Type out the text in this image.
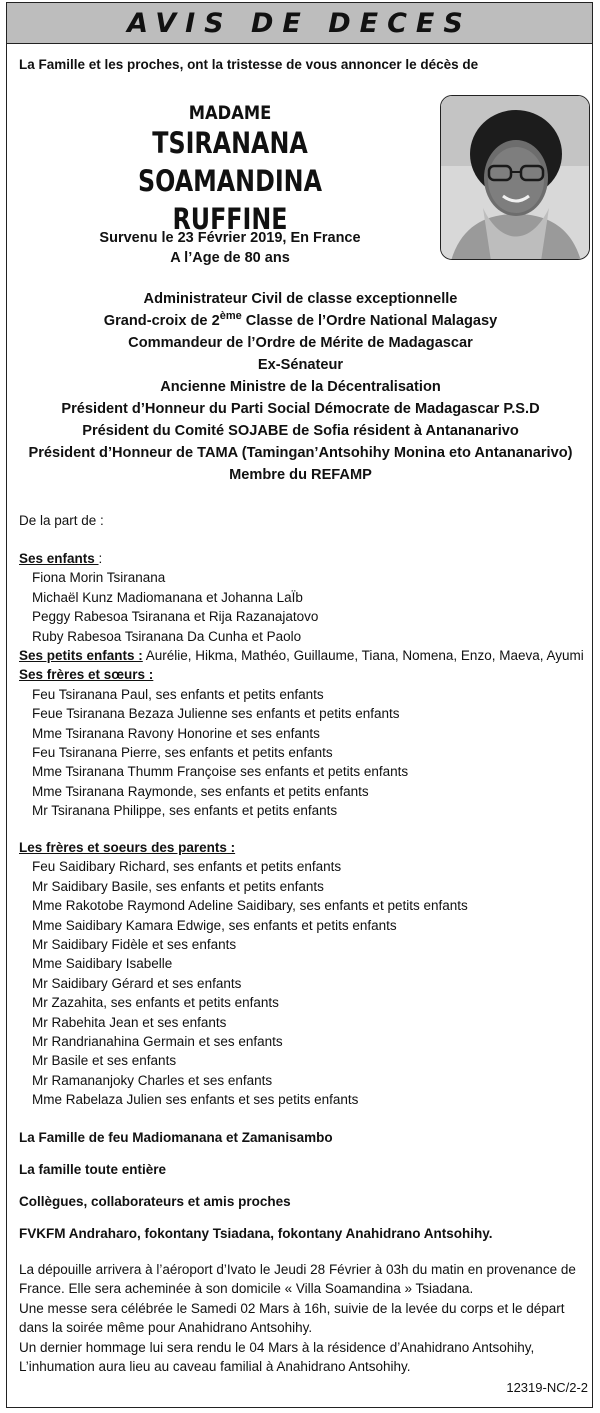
AVIS DE DECES
La Famille et les proches, ont la tristesse de vous annoncer le décès de
MADAME
TSIRANANA SOAMANDINA
RUFFINE
Survenu le 23 Février 2019, En France
A l’Age de 80 ans
Administrateur Civil de classe exceptionnelle
Grand-croix de 2ème Classe de l’Ordre National Malagasy
Commandeur de l’Ordre de Mérite de Madagascar
Ex-Sénateur
Ancienne Ministre de la Décentralisation
Président d’Honneur du Parti Social Démocrate de Madagascar P.S.D
Président du Comité SOJABE de Sofia résident à Antananarivo
Président d’Honneur de TAMA (Tamingan’Antsohihy Monina eto Antananarivo)
Membre du REFAMP
De la part de :
Ses enfants :
Fiona Morin Tsiranana
Michaël Kunz Madiomanana et Johanna LaÏb
Peggy Rabesoa Tsiranana et Rija Razanajatovo
Ruby Rabesoa Tsiranana Da Cunha et Paolo
Ses petits enfants : Aurélie, Hikma, Mathéo, Guillaume, Tiana, Nomena, Enzo, Maeva, Ayumi
Ses frères et sœurs :
Feu Tsiranana Paul, ses enfants et petits enfants
Feue Tsiranana Bezaza Julienne ses enfants et petits enfants
Mme Tsiranana Ravony Honorine et ses enfants
Feu Tsiranana Pierre, ses enfants et petits enfants
Mme Tsiranana Thumm Françoise ses enfants et petits enfants
Mme Tsiranana Raymonde, ses enfants et petits enfants
Mr Tsiranana Philippe, ses enfants et petits enfants
Les frères et soeurs des parents :
Feu Saidibary Richard, ses enfants et petits enfants
Mr Saidibary Basile, ses enfants et petits enfants
Mme Rakotobe Raymond Adeline Saidibary, ses enfants et petits enfants
Mme Saidibary Kamara Edwige, ses enfants et petits enfants
Mr Saidibary Fidèle et ses enfants
Mme Saidibary Isabelle
Mr Saidibary Gérard et ses enfants
Mr Zazahita, ses enfants et petits enfants
Mr Rabehita Jean et ses enfants
Mr Randrianahina Germain et ses enfants
Mr Basile et ses enfants
Mr Ramananjoky Charles et ses enfants
Mme Rabelaza Julien ses enfants et ses petits enfants
La Famille de feu Madiomanana et Zamanisambo
La famille toute entière
Collègues, collaborateurs et amis proches
FVKFM Andraharo, fokontany Tsiadana, fokontany Anahidrano Antsohihy.
La dépouille arrivera à l’aéroport d’Ivato le Jeudi 28 Février à 03h du matin en provenance de France. Elle sera acheminée à son domicile « Villa Soamandina » Tsiadana.
Une messe sera célébrée le Samedi 02 Mars à 16h, suivie de la levée du corps et le départ dans la soirée même pour Anahidrano Antsohihy.
Un dernier hommage lui sera rendu le 04 Mars à la résidence d’Anahidrano Antsohihy,
L’inhumation aura lieu au caveau familial à Anahidrano Antsohihy.
12319-NC/2-2
